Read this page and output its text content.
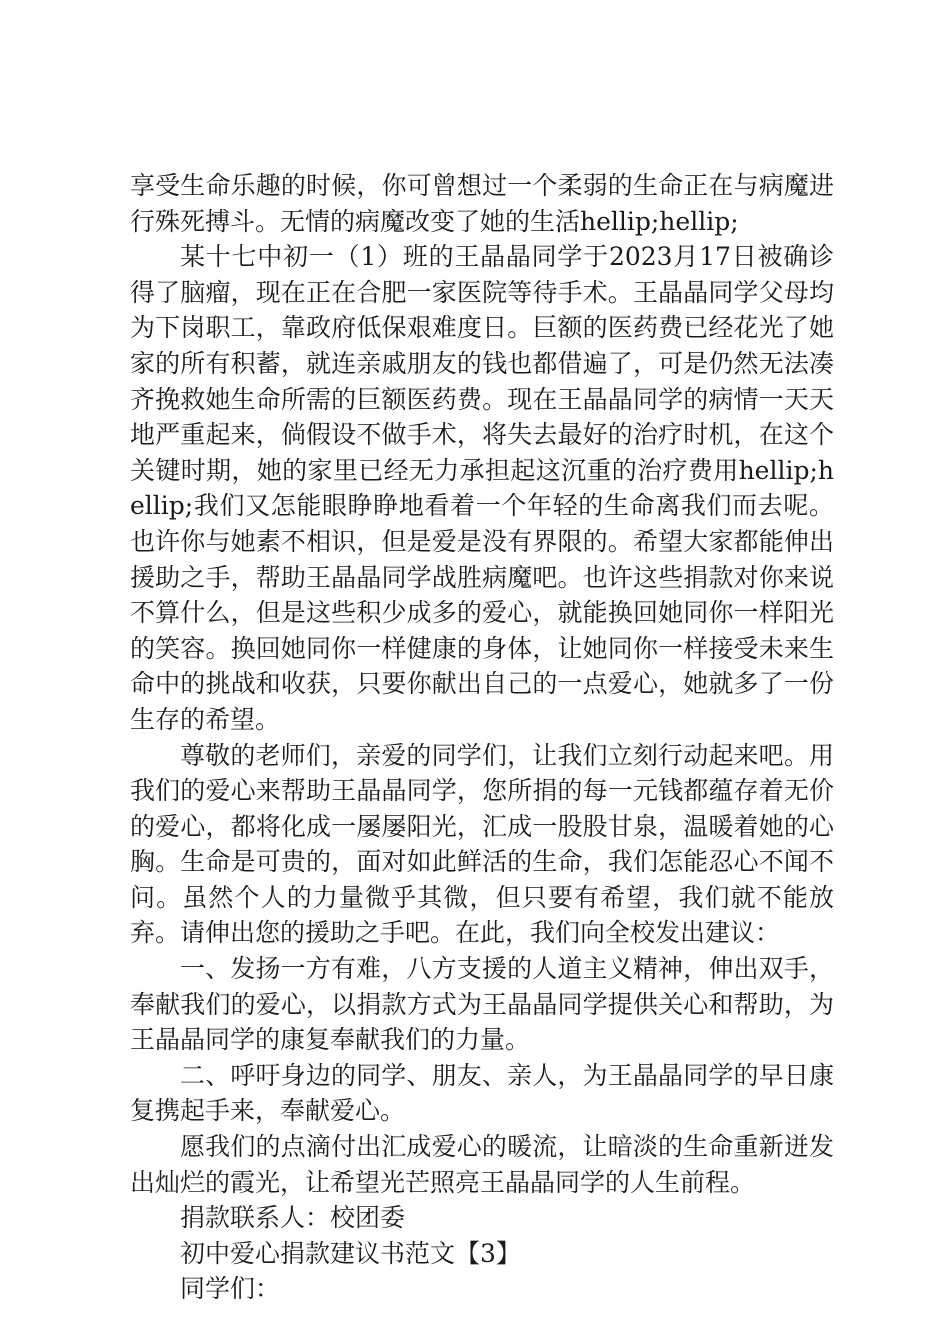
享受生命乐趣的时候，你可曾想过一个柔弱的生命正在与病魔进行殊死搏斗。无情的病魔改变了她的生活hellip;hellip;

某十七中初一（1）班的王晶晶同学于2023月17日被确诊得了脑瘤，现在正在合肥一家医院等待手术。王晶晶同学父母均为下岗职工，靠政府低保艰难度日。巨额的医药费已经花光了她家的所有积蓄，就连亲戚朋友的钱也都借遍了，可是仍然无法凑齐挽救她生命所需的巨额医药费。现在王晶晶同学的病情一天天地严重起来，倘假设不做手术，将失去最好的治疗时机，在这个关键时期，她的家里已经无力承担起这沉重的治疗费用hellip;hellip;我们又怎能眼睁睁地看着一个年轻的生命离我们而去呢。也许你与她素不相识，但是爱是没有界限的。希望大家都能伸出援助之手，帮助王晶晶同学战胜病魔吧。也许这些捐款对你来说不算什么，但是这些积少成多的爱心，就能换回她同你一样阳光的笑容。换回她同你一样健康的身体，让她同你一样接受未来生命中的挑战和收获，只要你献出自己的一点爱心，她就多了一份生存的希望。

尊敬的老师们，亲爱的同学们，让我们立刻行动起来吧。用我们的爱心来帮助王晶晶同学，您所捐的每一元钱都蕴存着无价的爱心，都将化成一屡屡阳光，汇成一股股甘泉，温暖着她的心胸。生命是可贵的，面对如此鲜活的生命，我们怎能忍心不闻不问。虽然个人的力量微乎其微，但只要有希望，我们就不能放弃。请伸出您的援助之手吧。在此，我们向全校发出建议：

一、发扬一方有难，八方支援的人道主义精神，伸出双手，奉献我们的爱心，以捐款方式为王晶晶同学提供关心和帮助，为王晶晶同学的康复奉献我们的力量。

二、呼吁身边的同学、朋友、亲人，为王晶晶同学的早日康复携起手来，奉献爱心。

愿我们的点滴付出汇成爱心的暖流，让暗淡的生命重新迸发出灿烂的霞光，让希望光芒照亮王晶晶同学的人生前程。

捐款联系人：校团委

初中爱心捐款建议书范文【3】

同学们：
